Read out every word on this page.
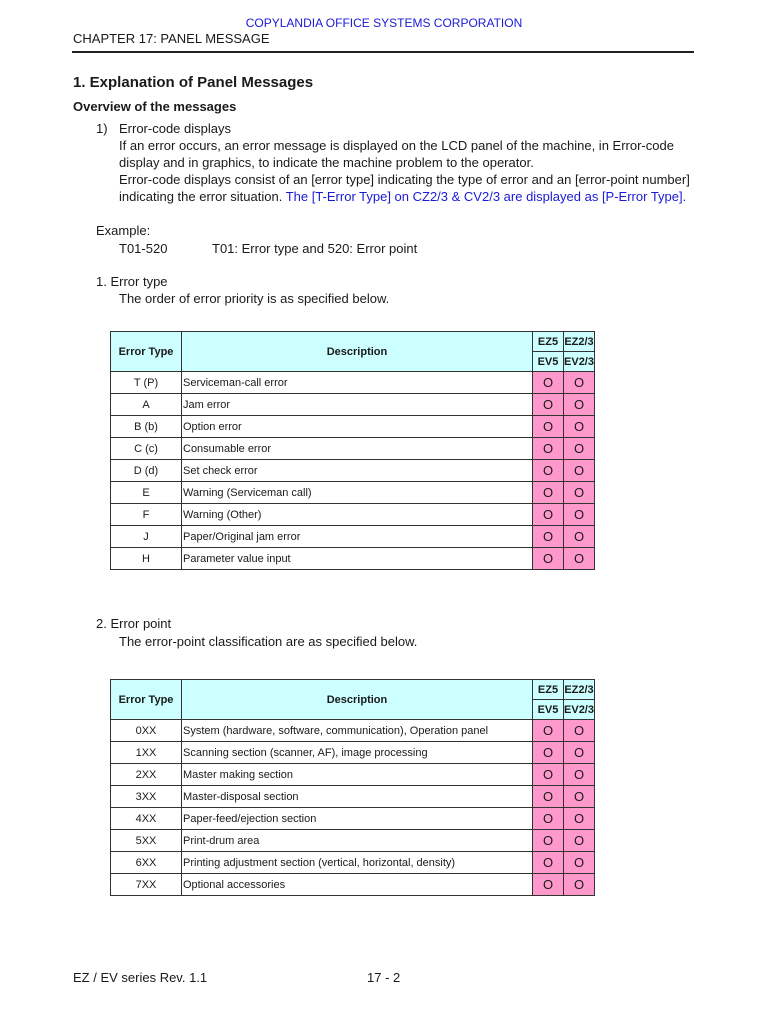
COPYLANDIA OFFICE SYSTEMS CORPORATION
CHAPTER 17: PANEL MESSAGE
1. Explanation of Panel Messages
Overview of the messages
1) Error-code displays
If an error occurs, an error message is displayed on the LCD panel of the machine, in Error-code display and in graphics, to indicate the machine problem to the operator.
Error-code displays consist of an [error type] indicating the type of error and an [error-point number]
indicating the error situation. The [T-Error Type] on CZ2/3 & CV2/3 are displayed as [P-Error Type].
Example:
T01-520	T01: Error type and 520: Error point
1. Error type
The order of error priority is as specified below.
Error Type	Description	EZ5	EZ2/3
		EV5	EV2/3
T (P)	Serviceman-call error	O	O
A	Jam error	O	O
B (b)	Option error	O	O
C (c)	Consumable error	O	O
D (d)	Set check error	O	O
E	Warning (Serviceman call)	O	O
F	Warning (Other)	O	O
J	Paper/Original jam error	O	O
H	Parameter value input	O	O
2. Error point
The error-point classification are as specified below.
Error Type	Description	EZ5	EZ2/3
		EV5	EV2/3
0XX	System (hardware, software, communication), Operation panel	O	O
1XX	Scanning section (scanner, AF), image processing	O	O
2XX	Master making section	O	O
3XX	Master-disposal section	O	O
4XX	Paper-feed/ejection section	O	O
5XX	Print-drum area	O	O
6XX	Printing adjustment section (vertical, horizontal, density)	O	O
7XX	Optional accessories	O	O
EZ / EV series Rev. 1.1	17 - 2
